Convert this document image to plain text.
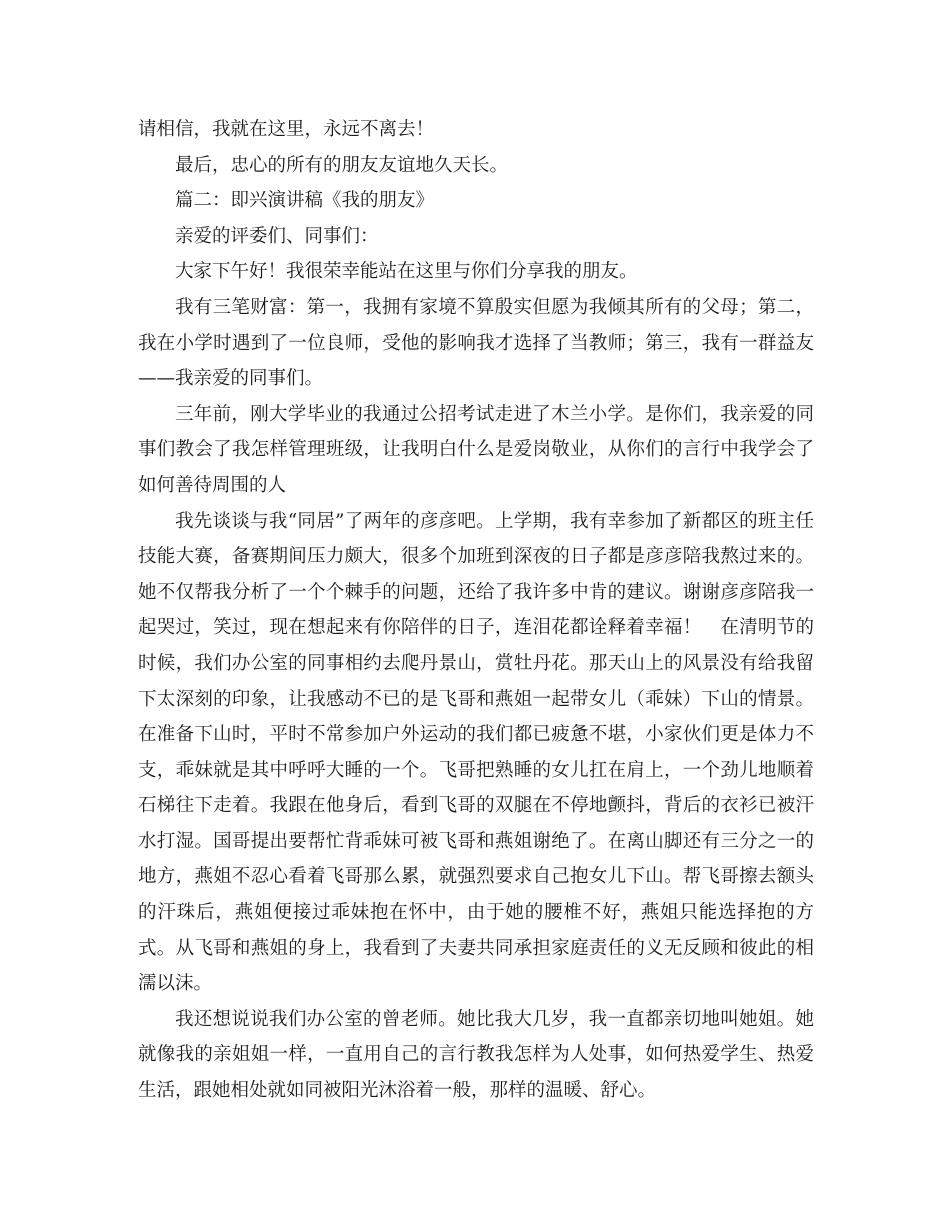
请相信，我就在这里，永远不离去！

最后，忠心的所有的朋友友谊地久天长。

篇二：即兴演讲稿《我的朋友》

亲爱的评委们、同事们：

大家下午好！我很荣幸能站在这里与你们分享我的朋友。

我有三笔财富：第一，我拥有家境不算殷实但愿为我倾其所有的父母；第二，我在小学时遇到了一位良师，受他的影响我才选择了当教师；第三，我有一群益友——我亲爱的同事们。

三年前，刚大学毕业的我通过公招考试走进了木兰小学。是你们，我亲爱的同事们教会了我怎样管理班级，让我明白什么是爱岗敬业，从你们的言行中我学会了如何善待周围的人

我先谈谈与我“同居”了两年的彦彦吧。上学期，我有幸参加了新都区的班主任技能大赛，备赛期间压力颇大，很多个加班到深夜的日子都是彦彦陪我熬过来的。她不仅帮我分析了一个个棘手的问题，还给了我许多中肯的建议。谢谢彦彦陪我一起哭过，笑过，现在想起来有你陪伴的日子，连泪花都诠释着幸福！　在清明节的时候，我们办公室的同事相约去爬丹景山，赏牡丹花。那天山上的风景没有给我留下太深刻的印象，让我感动不已的是飞哥和燕姐一起带女儿（乖妹）下山的情景。在准备下山时，平时不常参加户外运动的我们都已疲惫不堪，小家伙们更是体力不支，乖妹就是其中呼呼大睡的一个。飞哥把熟睡的女儿扛在肩上，一个劲儿地顺着石梯往下走着。我跟在他身后，看到飞哥的双腿在不停地颤抖，背后的衣衫已被汗水打湿。国哥提出要帮忙背乖妹可被飞哥和燕姐谢绝了。在离山脚还有三分之一的地方，燕姐不忍心看着飞哥那么累，就强烈要求自己抱女儿下山。帮飞哥擦去额头的汗珠后，燕姐便接过乖妹抱在怀中，由于她的腰椎不好，燕姐只能选择抱的方式。从飞哥和燕姐的身上，我看到了夫妻共同承担家庭责任的义无反顾和彼此的相濡以沫。

我还想说说我们办公室的曾老师。她比我大几岁，我一直都亲切地叫她姐。她就像我的亲姐姐一样，一直用自己的言行教我怎样为人处事，如何热爱学生、热爱生活，跟她相处就如同被阳光沐浴着一般，那样的温暖、舒心。
